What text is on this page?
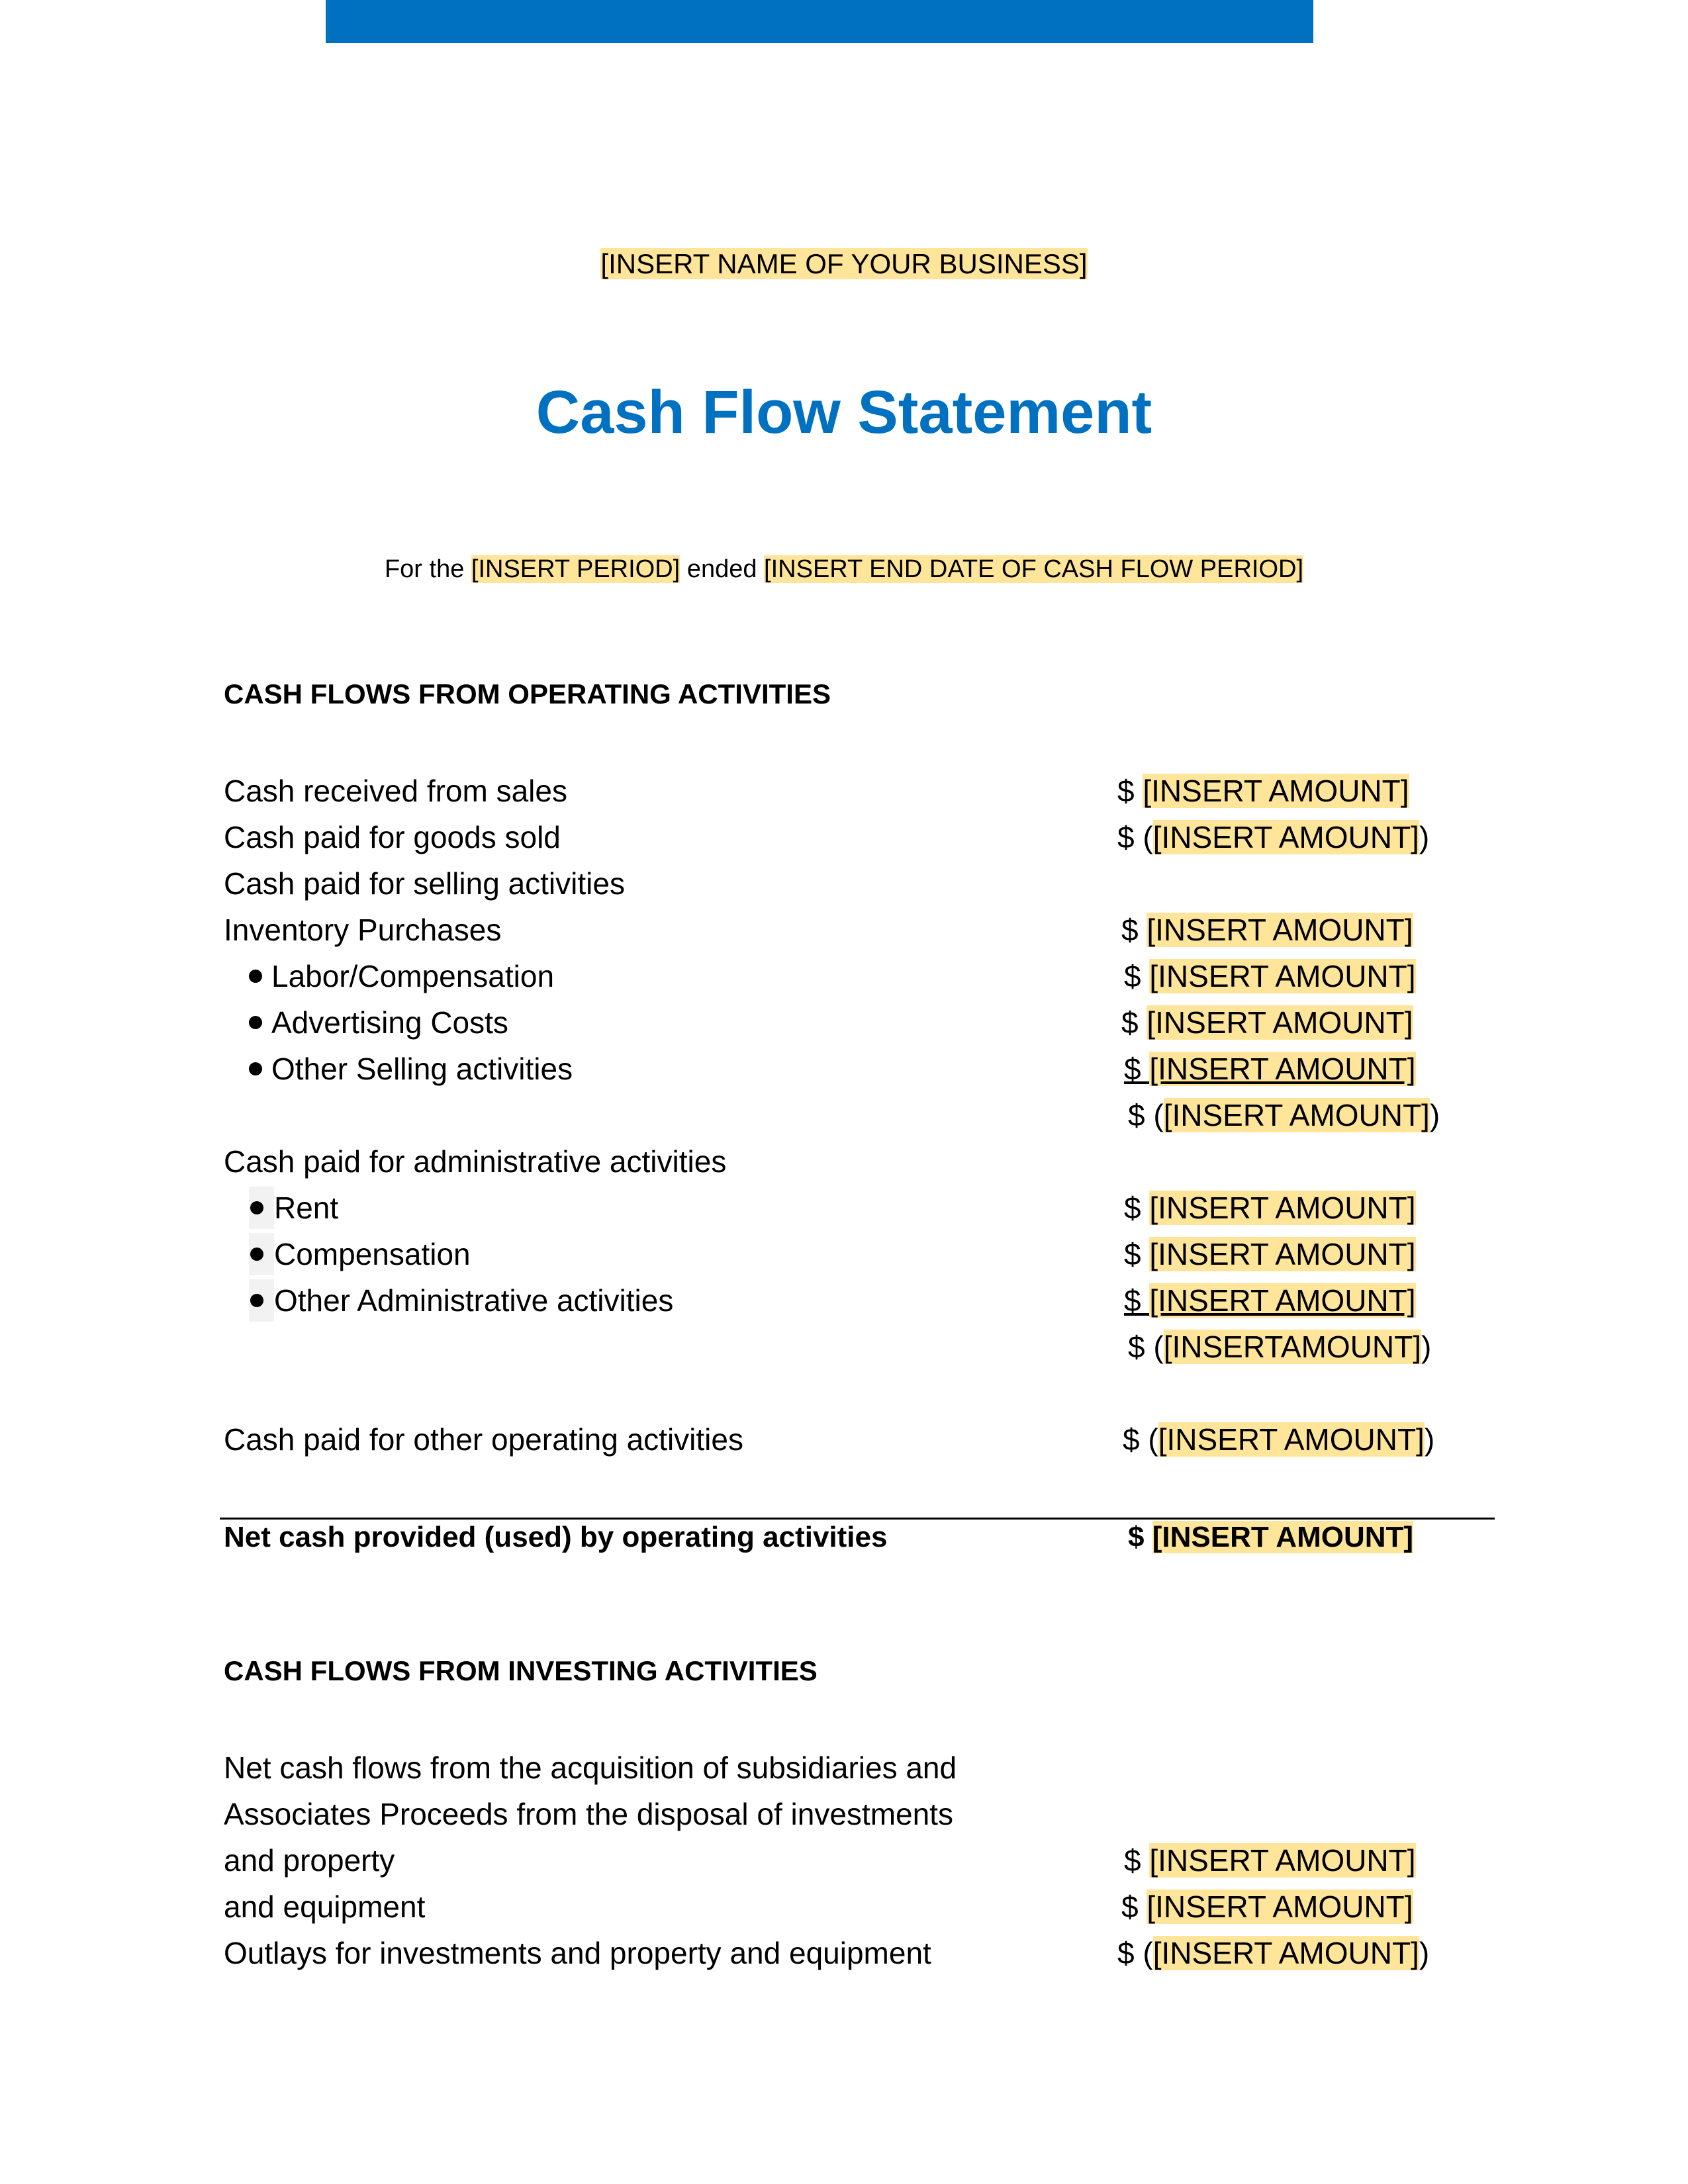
[INSERT NAME OF YOUR BUSINESS]
Cash Flow Statement
For the [INSERT PERIOD] ended [INSERT END DATE OF CASH FLOW PERIOD]
CASH FLOWS FROM OPERATING ACTIVITIES
Cash received from sales	$ [INSERT AMOUNT]
Cash paid for goods sold	$ ([INSERT AMOUNT])
Cash paid for selling activities
Inventory Purchases	$ [INSERT AMOUNT]
Labor/Compensation	$ [INSERT AMOUNT]
Advertising Costs	$ [INSERT AMOUNT]
Other Selling activities	$ [INSERT AMOUNT]
$ ([INSERT AMOUNT])
Cash paid for administrative activities
Rent	$ [INSERT AMOUNT]
Compensation	$ [INSERT AMOUNT]
Other Administrative activities	$ [INSERT AMOUNT]
$ ([INSERTAMOUNT])
Cash paid for other operating activities	$ ([INSERT AMOUNT])
Net cash provided (used) by operating activities	$ [INSERT AMOUNT]
CASH FLOWS FROM INVESTING ACTIVITIES
Net cash flows from the acquisition of subsidiaries and
Associates Proceeds from the disposal of investments
and property	$ [INSERT AMOUNT]
and equipment	$ [INSERT AMOUNT]
Outlays for investments and property and equipment	$ ([INSERT AMOUNT])
